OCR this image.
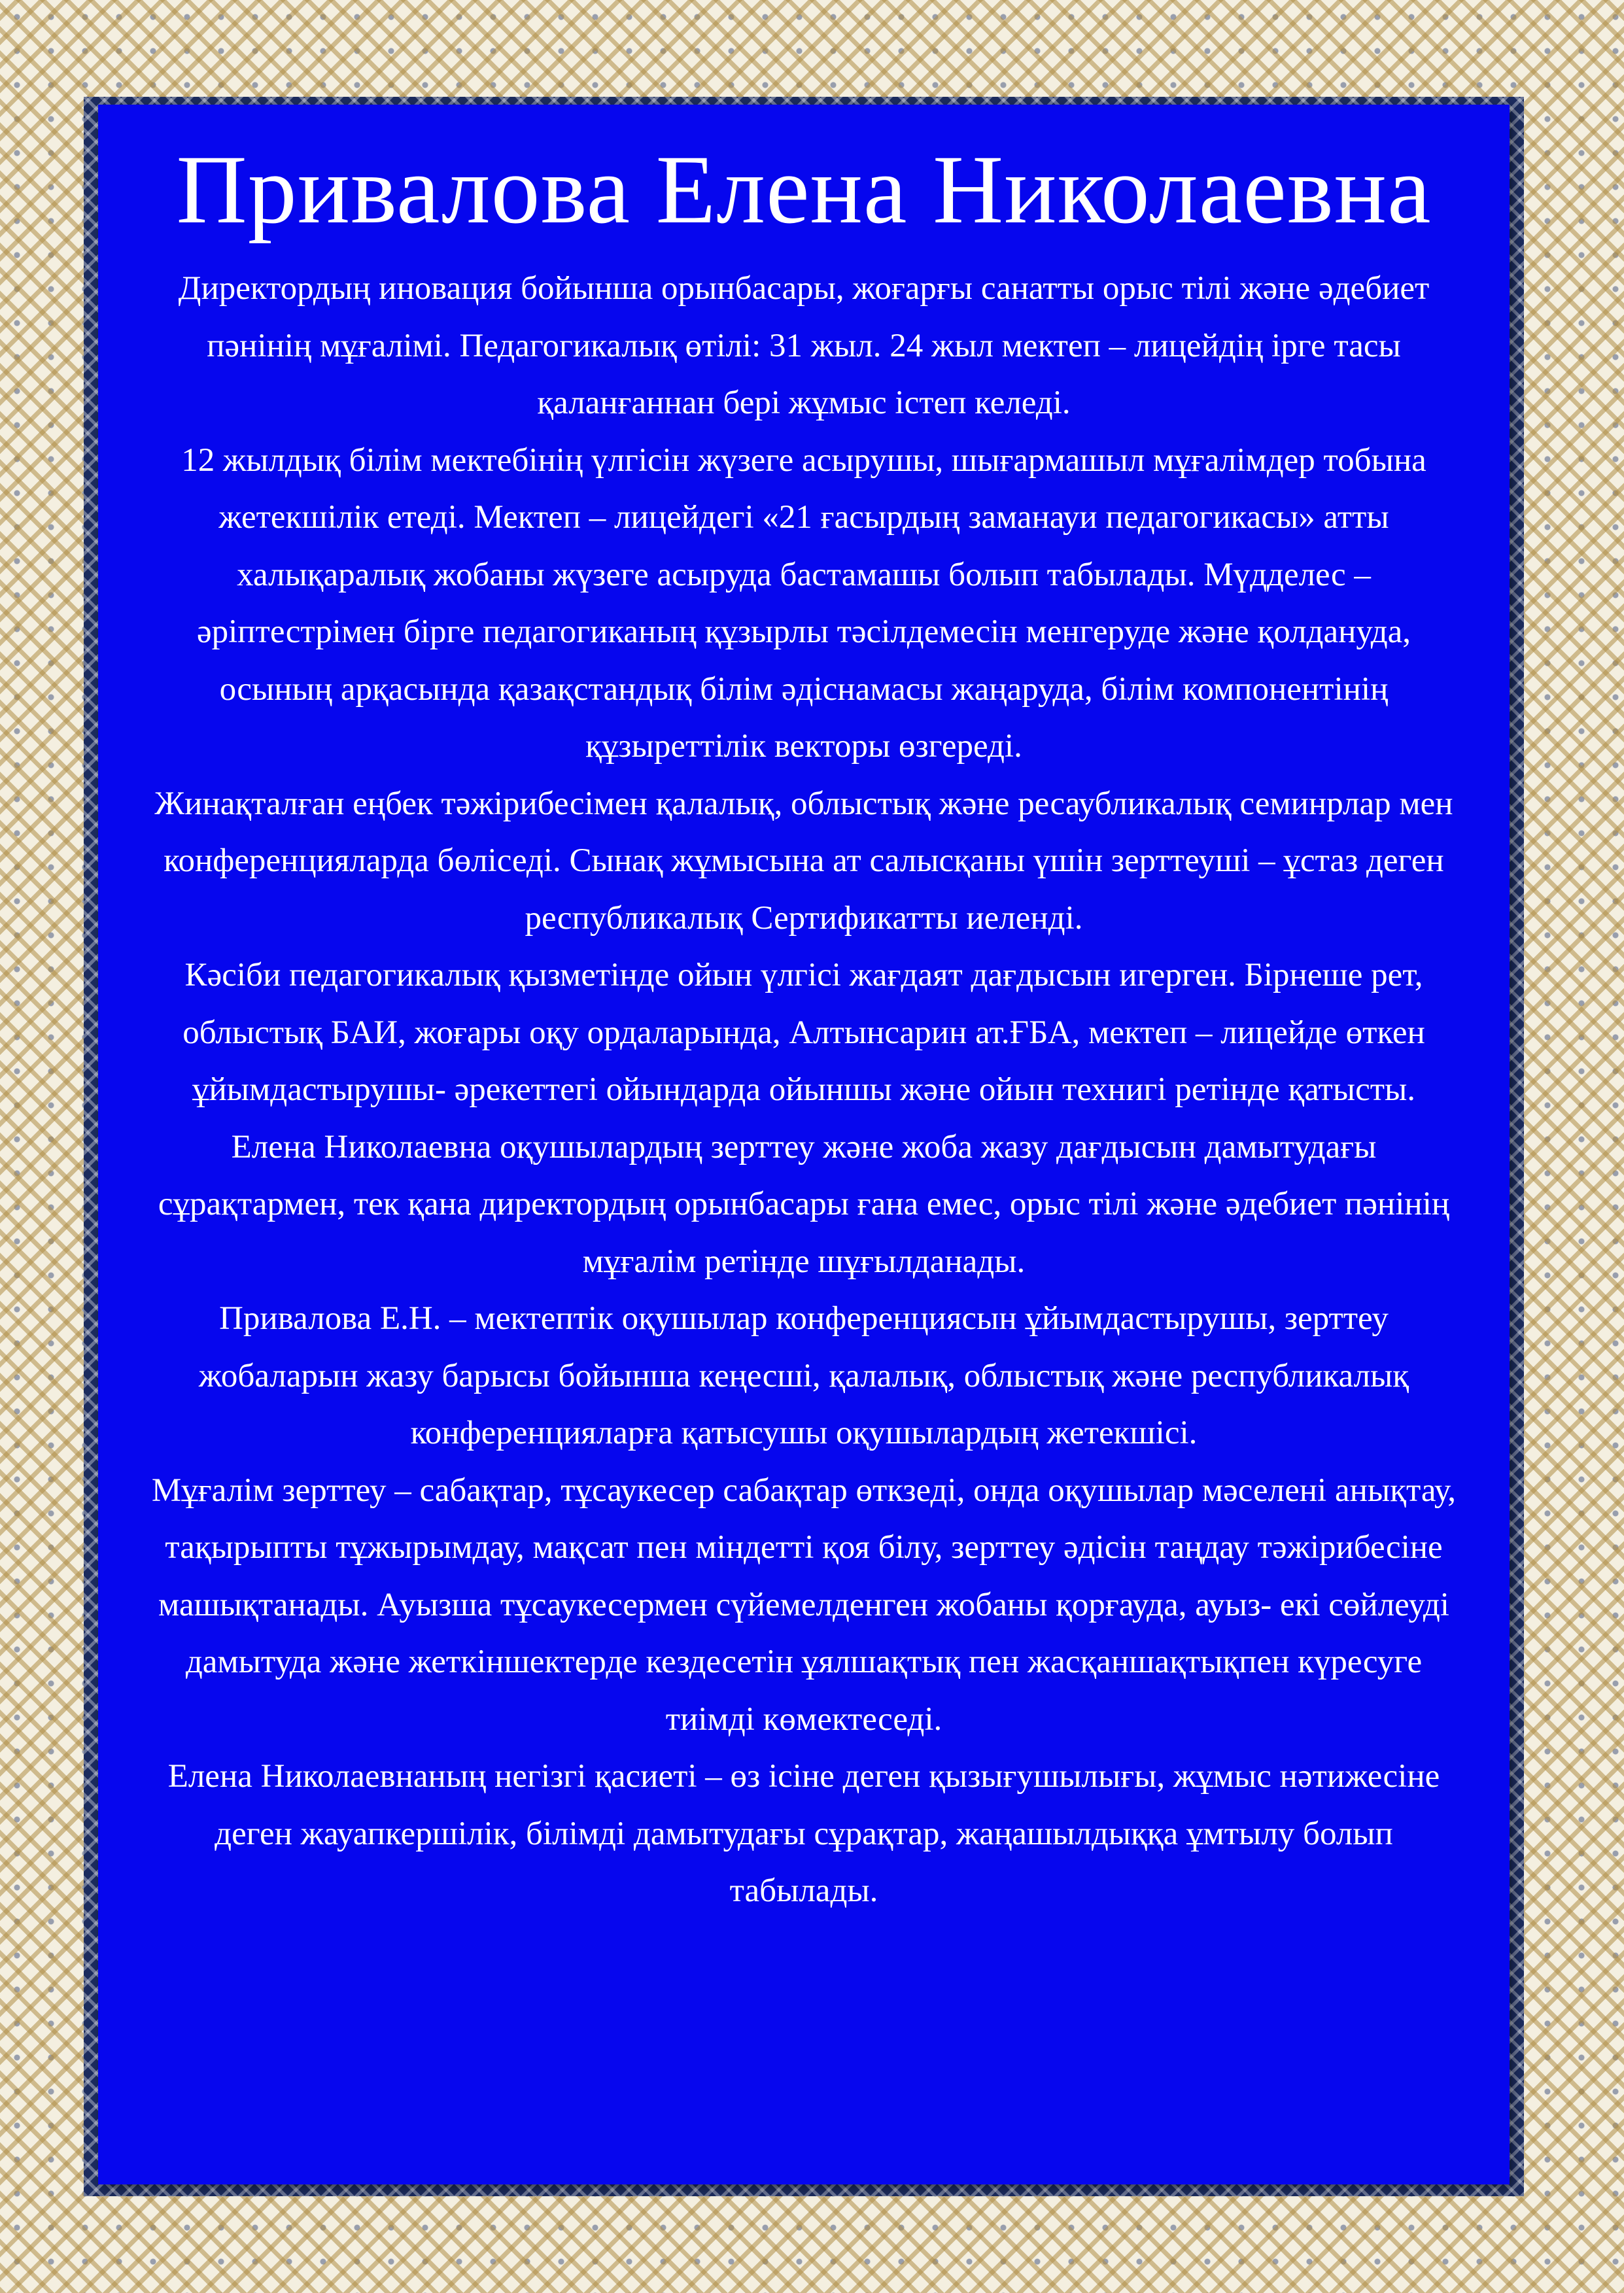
Привалова Елена Николаевна

Директордың иновация бойынша орынбасары, жоғарғы санатты орыс тілі және әдебиет пәнінің мұғалімі. Педагогикалық өтілі: 31 жыл. 24 жыл мектеп – лицейдің ірге тасы қаланғаннан бері жұмыс істеп келеді.

12 жылдық білім мектебінің үлгісін жүзеге асырушы, шығармашыл мұғалімдер тобына жетекшілік етеді. Мектеп – лицейдегі «21 ғасырдың заманауи педагогикасы» атты халықаралық жобаны жүзеге асыруда бастамашы болып табылады. Мүдделес – әріптестрімен бірге педагогиканың құзырлы тәсілдемесін менгеруде және қолдануда, осының арқасында қазақстандық білім әдіснамасы жаңаруда, білім компонентінің құзыреттілік векторы өзгереді.

Жинақталған еңбек тәжірибесімен қалалық, облыстық және ресаубликалық семинрлар мен конференцияларда бөліседі. Сынақ жұмысына ат салысқаны үшін зерттеуші – ұстаз деген республикалық Сертификатты иеленді.

Кәсіби педагогикалық қызметінде ойын үлгісі жағдаят дағдысын игерген. Бірнеше рет, облыстық БАИ, жоғары оқу ордаларында, Алтынсарин ат.ҒБА, мектеп – лицейде өткен ұйымдастырушы- әрекеттегі ойындарда ойыншы және ойын технигі ретінде қатысты.

Елена Николаевна оқушылардың зерттеу және жоба жазу дағдысын дамытудағы сұрақтармен, тек қана директордың орынбасары ғана емес, орыс тілі және әдебиет пәнінің мұғалім ретінде шұғылданады.

Привалова Е.Н. – мектептік оқушылар конференциясын ұйымдастырушы, зерттеу жобаларын жазу барысы бойынша кеңесші, қалалық, облыстық және республикалық конференцияларға қатысушы оқушылардың жетекшісі.

Мұғалім зерттеу – сабақтар, тұсаукесер сабақтар өткзеді, онда оқушылар мәселені анықтау, тақырыпты тұжырымдау, мақсат пен міндетті қоя білу, зерттеу әдісін таңдау тәжірибесіне машықтанады. Ауызша тұсаукесермен сүйемелденген жобаны қорғауда, ауыз- екі сөйлеуді дамытуда және жеткіншектерде кездесетін ұялшақтық пен жасқаншақтықпен күресуге тиімді көмектеседі.

Елена Николаевнаның негізгі қасиеті – өз ісіне деген қызығушылығы, жұмыс нәтижесіне деген жауапкершілік, білімді дамытудағы сұрақтар, жаңашылдыққа ұмтылу болып табылады.
